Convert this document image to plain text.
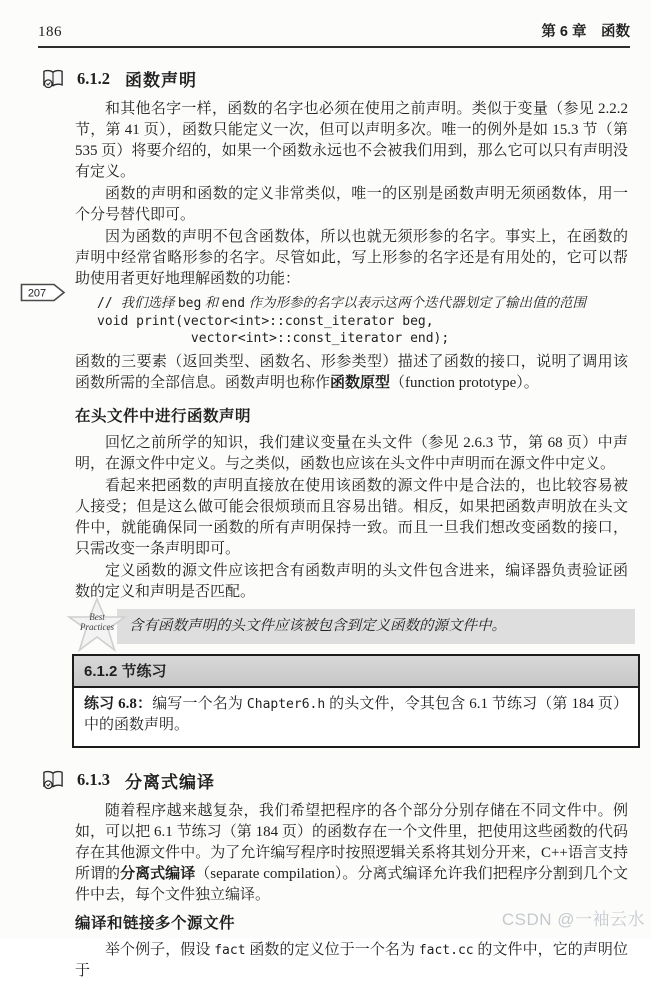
186	第 6 章　函数
207
6.1.2 函数声明

和其他名字一样，函数的名字也必须在使用之前声明。类似于变量（参见 2.2.2 节，第 41 页），函数只能定义一次，但可以声明多次。唯一的例外是如 15.3 节（第 535 页）将要介绍的，如果一个函数永远也不会被我们用到，那么它可以只有声明没有定义。

函数的声明和函数的定义非常类似，唯一的区别是函数声明无须函数体，用一个分号替代即可。

因为函数的声明不包含函数体，所以也就无须形参的名字。事实上，在函数的声明中经常省略形参的名字。尽管如此，写上形参的名字还是有用处的，它可以帮助使用者更好地理解函数的功能：

// 我们选择 beg 和 end 作为形参的名字以表示这两个迭代器划定了输出值的范围
void print(vector<int>::const_iterator beg,
vector<int>::const_iterator end);

函数的三要素（返回类型、函数名、形参类型）描述了函数的接口，说明了调用该函数所需的全部信息。函数声明也称作函数原型（function prototype）。

在头文件中进行函数声明

回忆之前所学的知识，我们建议变量在头文件（参见 2.6.3 节，第 68 页）中声明，在源文件中定义。与之类似，函数也应该在头文件中声明而在源文件中定义。

看起来把函数的声明直接放在使用该函数的源文件中是合法的，也比较容易被人接受；但是这么做可能会很烦琐而且容易出错。相反，如果把函数声明放在头文件中，就能确保同一函数的所有声明保持一致。而且一旦我们想改变函数的接口，只需改变一条声明即可。

定义函数的源文件应该把含有函数声明的头文件包含进来，编译器负责验证函数的定义和声明是否匹配。

Best
Practices	含有函数声明的头文件应该被包含到定义函数的源文件中。
6.1.2 节练习
练习 6.8：编写一个名为 Chapter6.h 的头文件，令其包含 6.1 节练习（第 184 页）中的函数声明。
6.1.3 分离式编译

随着程序越来越复杂，我们希望把程序的各个部分分别存储在不同文件中。例如，可以把 6.1 节练习（第 184 页）的函数存在一个文件里，把使用这些函数的代码存在其他源文件中。为了允许编写程序时按照逻辑关系将其划分开来，C++语言支持所谓的分离式编译（separate compilation）。分离式编译允许我们把程序分割到几个文件中去，每个文件独立编译。

编译和链接多个源文件

举个例子，假设 fact 函数的定义位于一个名为 fact.cc 的文件中，它的声明位于

CSDN @一袖云水
